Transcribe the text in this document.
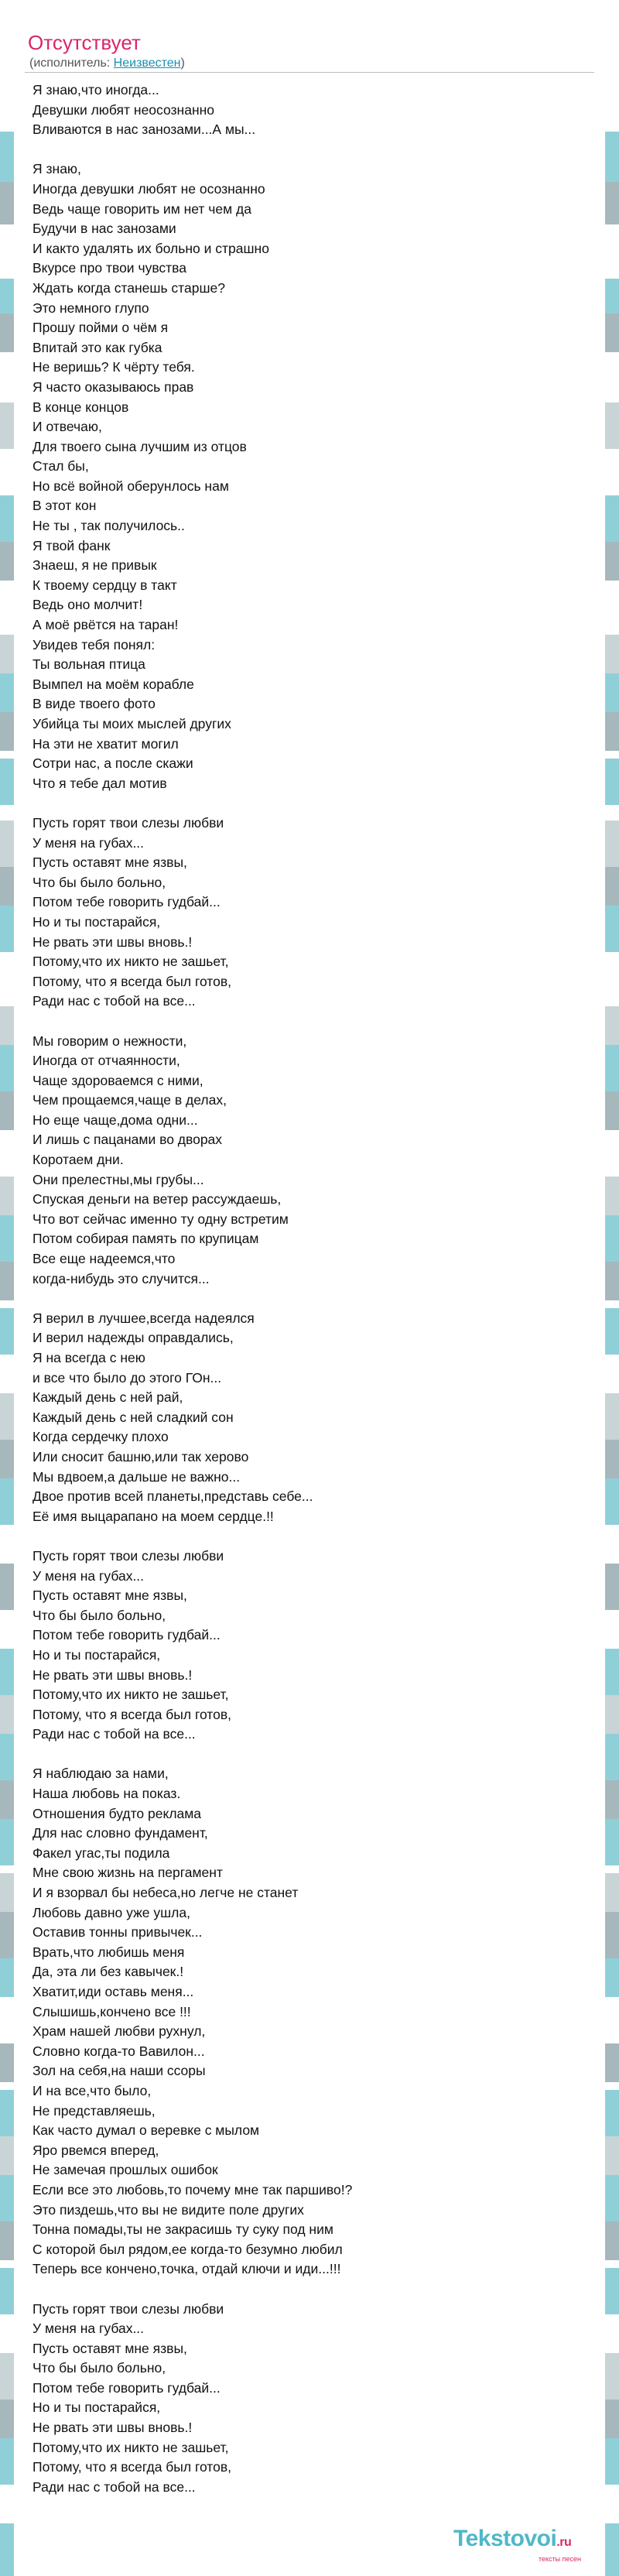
Отсутствует
(исполнитель: Неизвестен)
Я знаю,что иногда...
Девушки любят неосознанно
Вливаются в нас занозами...А мы...
Я знаю,
Иногда девушки любят не осознанно
Ведь чаще говорить им нет чем да
Будучи в нас занозами
И както удалять их больно и страшно
Вкурсе про твои чувства
Ждать когда станешь старше?
Это немного глупо
Прошу пойми о чём я
Впитай это как губка
Не веришь? К чёрту тебя.
Я часто оказываюсь прав
В конце концов
И отвечаю,
Для твоего сына лучшим из отцов
Стал бы,
Но всё войной оберунлось нам
В этот кон
Не ты , так получилось..
Я твой фанк
Знаеш, я не привык
К твоему сердцу в такт
Ведь оно молчит!
А моё рвётся на таран!
Увидев тебя понял:
Ты вольная птица
Вымпел на моём корабле
В виде твоего фото
Убийца ты моих мыслей других
На эти не хватит могил
Сотри нас, а после скажи
Что я тебе дал мотив
Пусть горят твои слезы любви
У меня на губах...
Пусть оставят мне язвы,
Что бы было больно,
Потом тебе говорить гудбай...
Но и ты постарайся,
Не рвать эти швы вновь.!
Потому,что их никто не зашьет,
Потому, что я всегда был готов,
Ради нас с тобой на все...
Мы говорим о нежности,
Иногда от отчаянности,
Чаще здороваемся с ними,
Чем прощаемся,чаще в делах,
Но еще чаще,дома одни...
И лишь с пацанами во дворах
Коротаем дни.
Они прелестны,мы грубы...
Спуская деньги на ветер рассуждаешь,
Что вот сейчас именно ту одну встретим
Потом собирая память по крупицам
Все еще надеемся,что
когда-нибудь это случится...
Я верил в лучшее,всегда надеялся
И верил надежды оправдались,
Я на всегда с нею
и все что было до этого ГОн...
Каждый день с ней рай,
Каждый день с ней сладкий сон
Когда сердечку плохо
Или сносит башню,или так херово
Мы вдвоем,а дальше не важно...
Двое против всей планеты,представь себе...
Её имя выцарапано на моем сердце.!!
Пусть горят твои слезы любви
У меня на губах...
Пусть оставят мне язвы,
Что бы было больно,
Потом тебе говорить гудбай...
Но и ты постарайся,
Не рвать эти швы вновь.!
Потому,что их никто не зашьет,
Потому, что я всегда был готов,
Ради нас с тобой на все...
Я наблюдаю за нами,
Наша любовь на показ.
Отношения будто реклама
Для нас словно фундамент,
Факел угас,ты подила
Мне свою жизнь на пергамент
И я взорвал бы небеса,но легче не станет
Любовь давно уже ушла,
Оставив тонны привычек...
Врать,что любишь меня
Да, эта ли без кавычек.!
Хватит,иди оставь меня...
Слышишь,кончено все !!!
Храм нашей любви рухнул,
Словно когда-то Вавилон...
Зол на себя,на наши ссоры
И на все,что было,
Не представляешь,
Как часто думал о веревке с мылом
Яро рвемся вперед,
Не замечая прошлых ошибок
Если все это любовь,то почему мне так паршиво!?
Это пиздешь,что вы не видите поле других
Тонна помады,ты не закрасишь ту суку под ним
С которой был рядом,ее когда-то безумно любил
Теперь все кончено,точка, отдай ключи и иди...!!!
Пусть горят твои слезы любви
У меня на губах...
Пусть оставят мне язвы,
Что бы было больно,
Потом тебе говорить гудбай...
Но и ты постарайся,
Не рвать эти швы вновь.!
Потому,что их никто не зашьет,
Потому, что я всегда был готов,
Ради нас с тобой на все...
Tekstovoi.ru
тексты песен
